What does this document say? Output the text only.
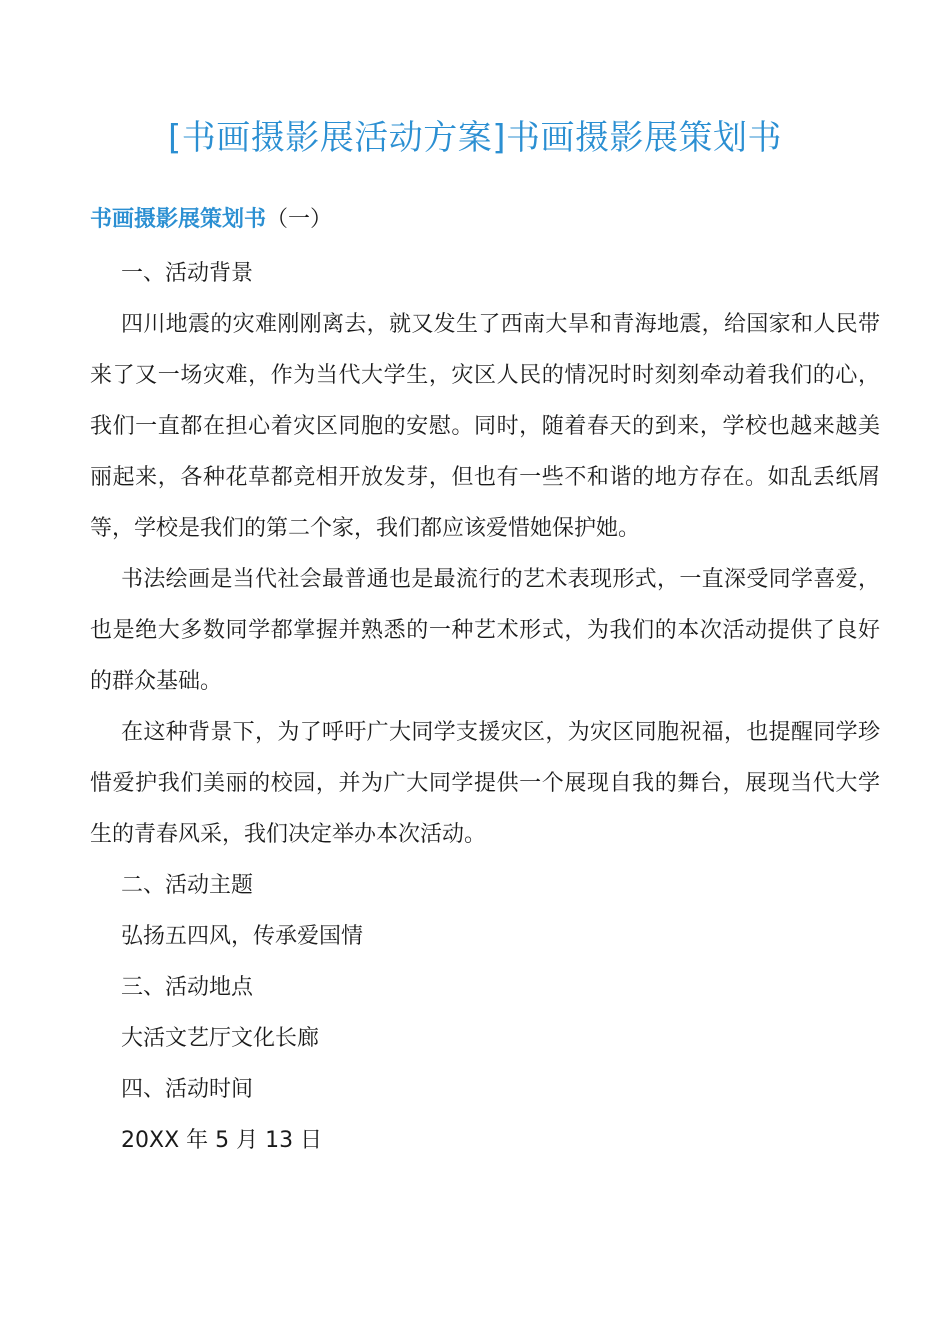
[书画摄影展活动方案]书画摄影展策划书
书画摄影展策划书（一）

一、活动背景

四川地震的灾难刚刚离去，就又发生了西南大旱和青海地震，给国家和人民带来了又一场灾难，作为当代大学生，灾区人民的情况时时刻刻牵动着我们的心，我们一直都在担心着灾区同胞的安慰。同时，随着春天的到来，学校也越来越美丽起来，各种花草都竞相开放发芽，但也有一些不和谐的地方存在。如乱丢纸屑等，学校是我们的第二个家，我们都应该爱惜她保护她。

书法绘画是当代社会最普通也是最流行的艺术表现形式，一直深受同学喜爱，也是绝大多数同学都掌握并熟悉的一种艺术形式，为我们的本次活动提供了良好的群众基础。

在这种背景下，为了呼吁广大同学支援灾区，为灾区同胞祝福，也提醒同学珍惜爱护我们美丽的校园，并为广大同学提供一个展现自我的舞台，展现当代大学生的青春风采，我们决定举办本次活动。

二、活动主题

弘扬五四风，传承爱国情

三、活动地点

大活文艺厅文化长廊

四、活动时间

20XX 年 5 月 13 日
